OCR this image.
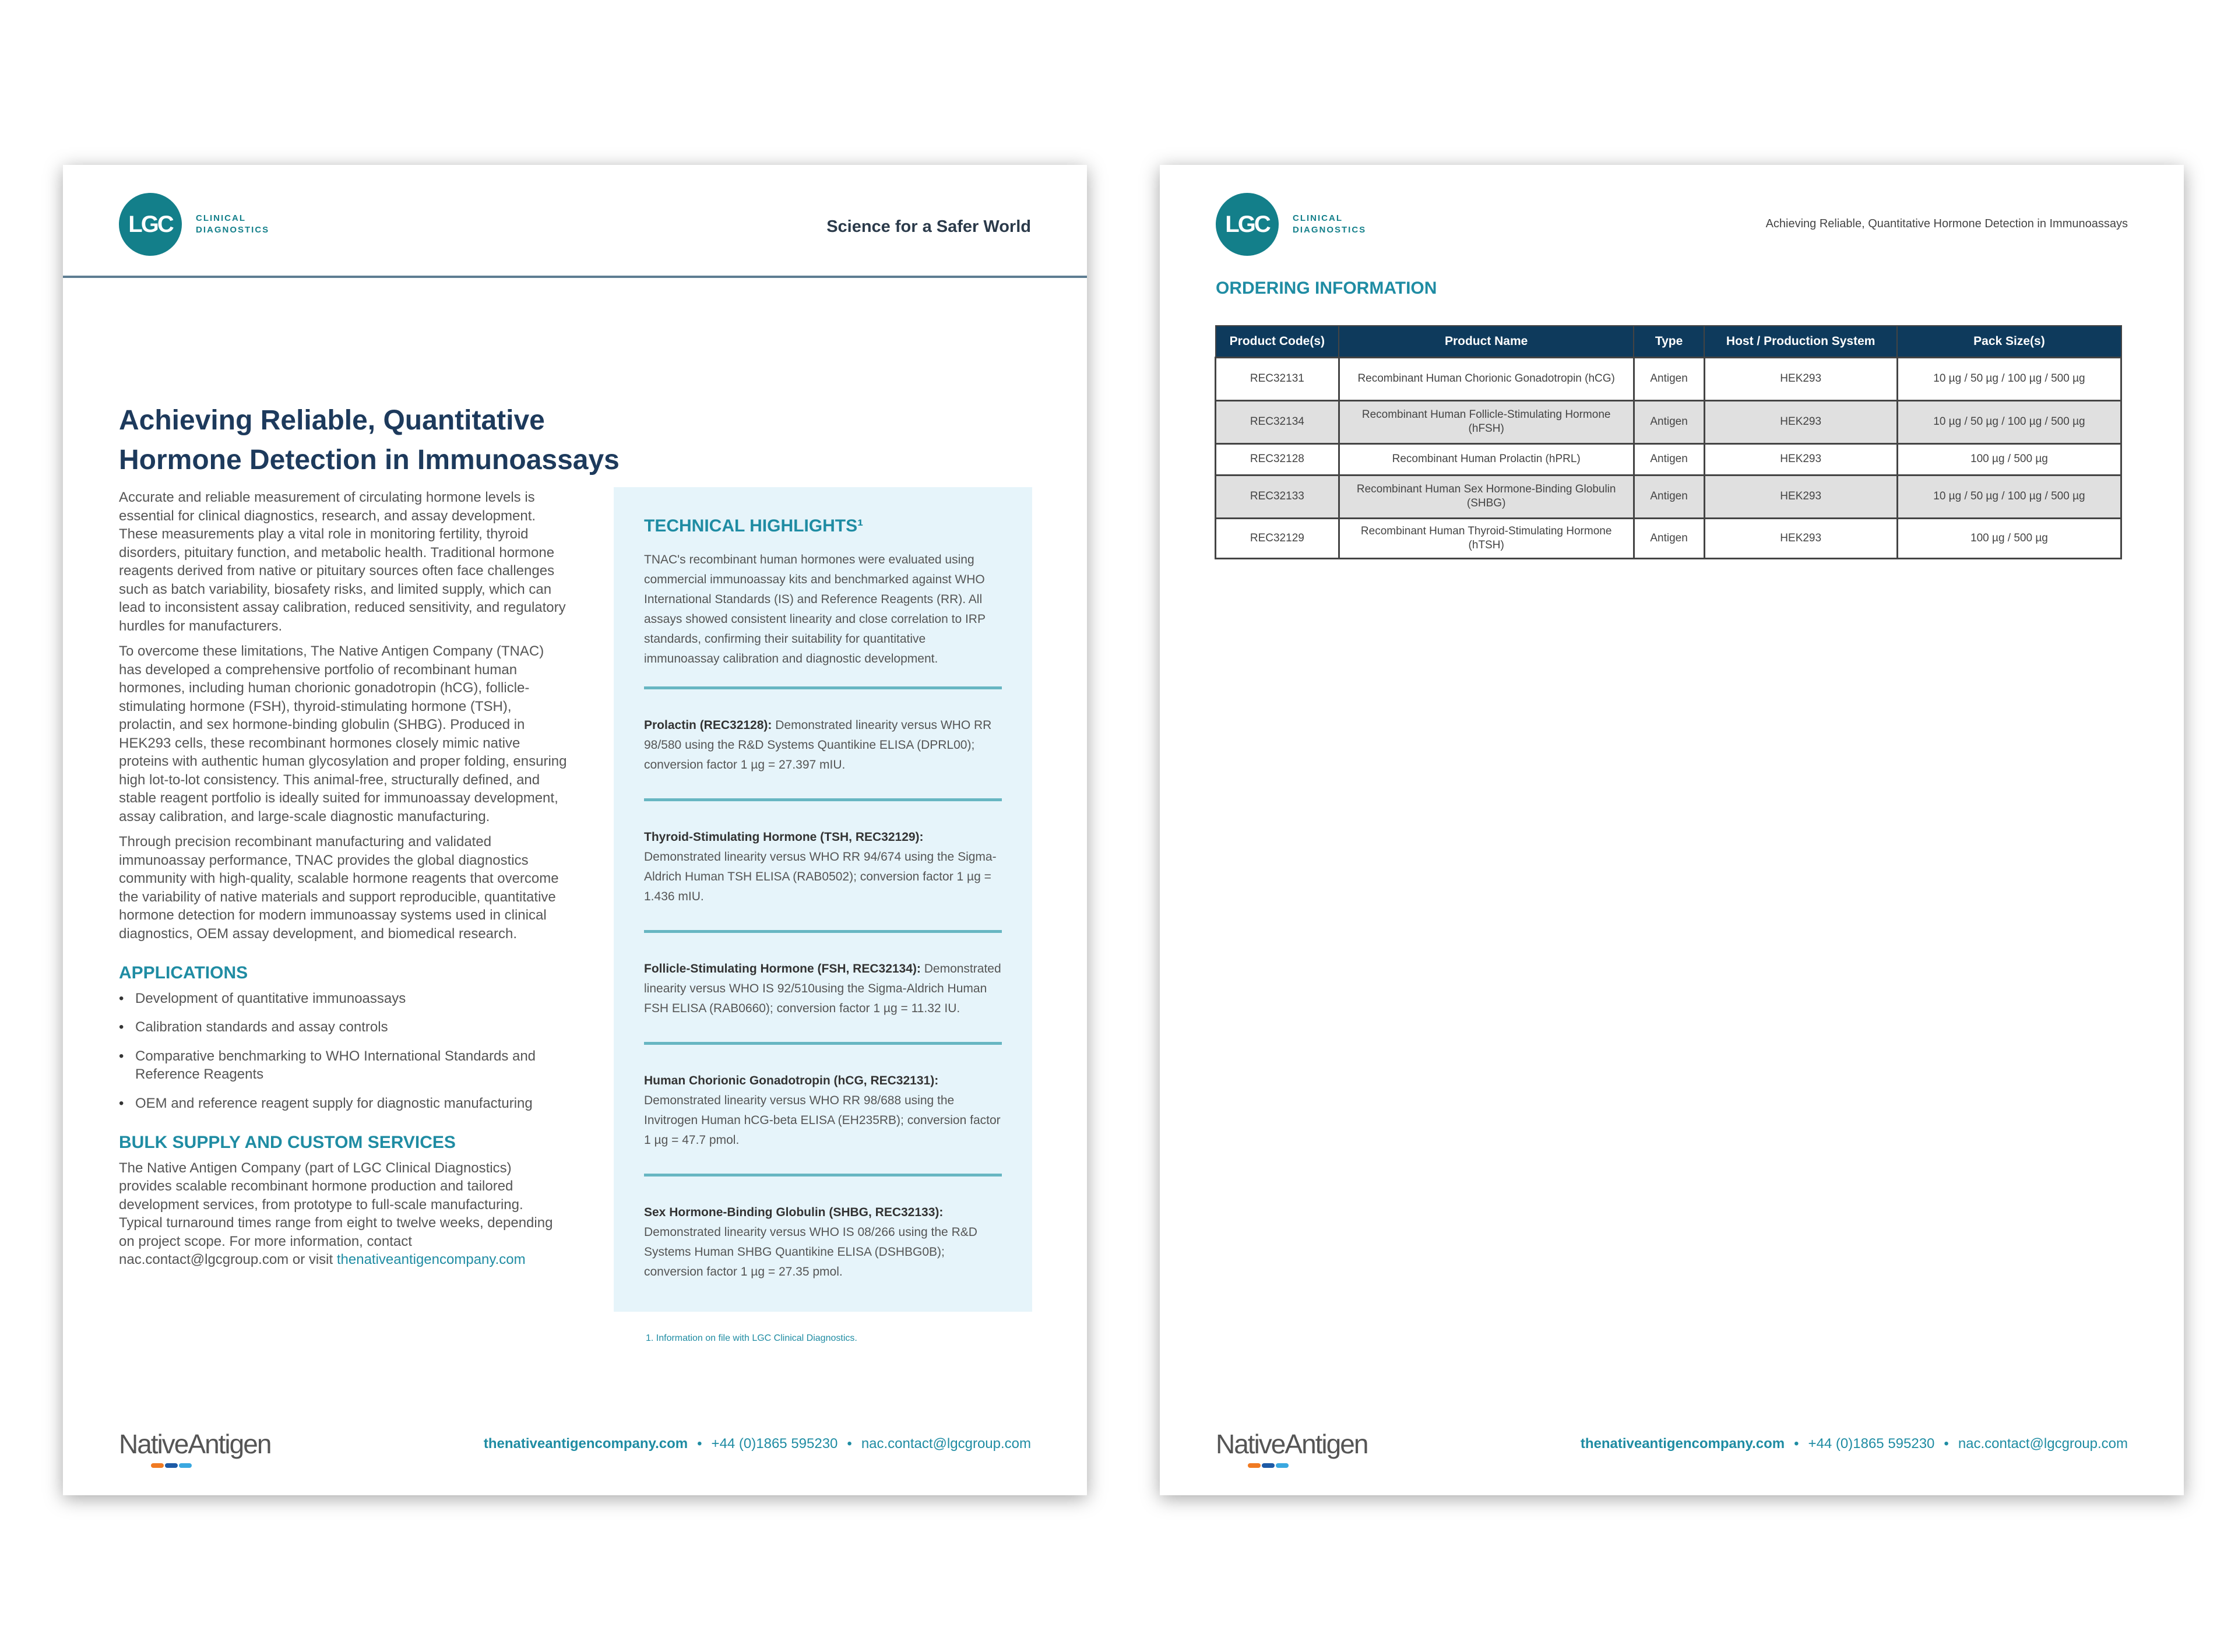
LGC	CLINICAL
DIAGNOSTICS	Science for a Safer World
Achieving Reliable, Quantitative
Hormone Detection in Immunoassays

Accurate and reliable measurement of circulating hormone levels is essential for clinical diagnostics, research, and assay development. These measurements play a vital role in monitoring fertility, thyroid disorders, pituitary function, and metabolic health. Traditional hormone reagents derived from native or pituitary sources often face challenges such as batch variability, biosafety risks, and limited supply, which can lead to inconsistent assay calibration, reduced sensitivity, and regulatory hurdles for manufacturers.

To overcome these limitations, The Native Antigen Company (TNAC) has developed a comprehensive portfolio of recombinant human hormones, including human chorionic gonadotropin (hCG), follicle-stimulating hormone (FSH), thyroid-stimulating hormone (TSH), prolactin, and sex hormone-binding globulin (SHBG). Produced in HEK293 cells, these recombinant hormones closely mimic native proteins with authentic human glycosylation and proper folding, ensuring high lot-to-lot consistency. This animal-free, structurally defined, and stable reagent portfolio is ideally suited for immunoassay development, assay calibration, and large-scale diagnostic manufacturing.

Through precision recombinant manufacturing and validated immunoassay performance, TNAC provides the global diagnostics community with high-quality, scalable hormone reagents that overcome the variability of native materials and support reproducible, quantitative hormone detection for modern immunoassay systems used in clinical diagnostics, OEM assay development, and biomedical research.

APPLICATIONS
• Development of quantitative immunoassays
• Calibration standards and assay controls
• Comparative benchmarking to WHO International Standards and Reference Reagents
• OEM and reference reagent supply for diagnostic manufacturing
BULK SUPPLY AND CUSTOM SERVICES

The Native Antigen Company (part of LGC Clinical Diagnostics) provides scalable recombinant hormone production and tailored development services, from prototype to full-scale manufacturing. Typical turnaround times range from eight to twelve weeks, depending on project scope. For more information, contact nac.contact@lgcgroup.com or visit thenativeantigencompany.com

TECHNICAL HIGHLIGHTS¹
TNAC's recombinant human hormones were evaluated using commercial immunoassay kits and benchmarked against WHO International Standards (IS) and Reference Reagents (RR). All assays showed consistent linearity and close correlation to IRP standards, confirming their suitability for quantitative immunoassay calibration and diagnostic development.
Prolactin (REC32128): Demonstrated linearity versus WHO RR 98/580 using the R&D Systems Quantikine ELISA (DPRL00); conversion factor 1 µg = 27.397 mIU.
Thyroid-Stimulating Hormone (TSH, REC32129): Demonstrated linearity versus WHO RR 94/674 using the Sigma-Aldrich Human TSH ELISA (RAB0502); conversion factor 1 µg = 1.436 mIU.
Follicle-Stimulating Hormone (FSH, REC32134): Demonstrated linearity versus WHO IS 92/510using the Sigma-Aldrich Human FSH ELISA (RAB0660); conversion factor 1 µg = 11.32 IU.
Human Chorionic Gonadotropin (hCG, REC32131): Demonstrated linearity versus WHO RR 98/688 using the Invitrogen Human hCG-beta ELISA (EH235RB); conversion factor 1 µg = 47.7 pmol.
Sex Hormone-Binding Globulin (SHBG, REC32133): Demonstrated linearity versus WHO IS 08/266 using the R&D Systems Human SHBG Quantikine ELISA (DSHBG0B); conversion factor 1 µg = 27.35 pmol.
1. Information on file with LGC Clinical Diagnostics.
NativeAntigen	thenativeantigencompany.com • +44 (0)1865 595230 • nac.contact@lgcgroup.com
LGC	CLINICAL
DIAGNOSTICS	Achieving Reliable, Quantitative Hormone Detection in Immunoassays
ORDERING INFORMATION
Product Code(s)	Product Name	Type	Host / Production System	Pack Size(s)
REC32131	Recombinant Human Chorionic Gonadotropin (hCG)	Antigen	HEK293	10 µg / 50 µg / 100 µg / 500 µg
REC32134	Recombinant Human Follicle-Stimulating Hormone (hFSH)	Antigen	HEK293	10 µg / 50 µg / 100 µg / 500 µg
REC32128	Recombinant Human Prolactin (hPRL)	Antigen	HEK293	100 µg / 500 µg
REC32133	Recombinant Human Sex Hormone-Binding Globulin (SHBG)	Antigen	HEK293	10 µg / 50 µg / 100 µg / 500 µg
REC32129	Recombinant Human Thyroid-Stimulating Hormone (hTSH)	Antigen	HEK293	100 µg / 500 µg
NativeAntigen	thenativeantigencompany.com • +44 (0)1865 595230 • nac.contact@lgcgroup.com
